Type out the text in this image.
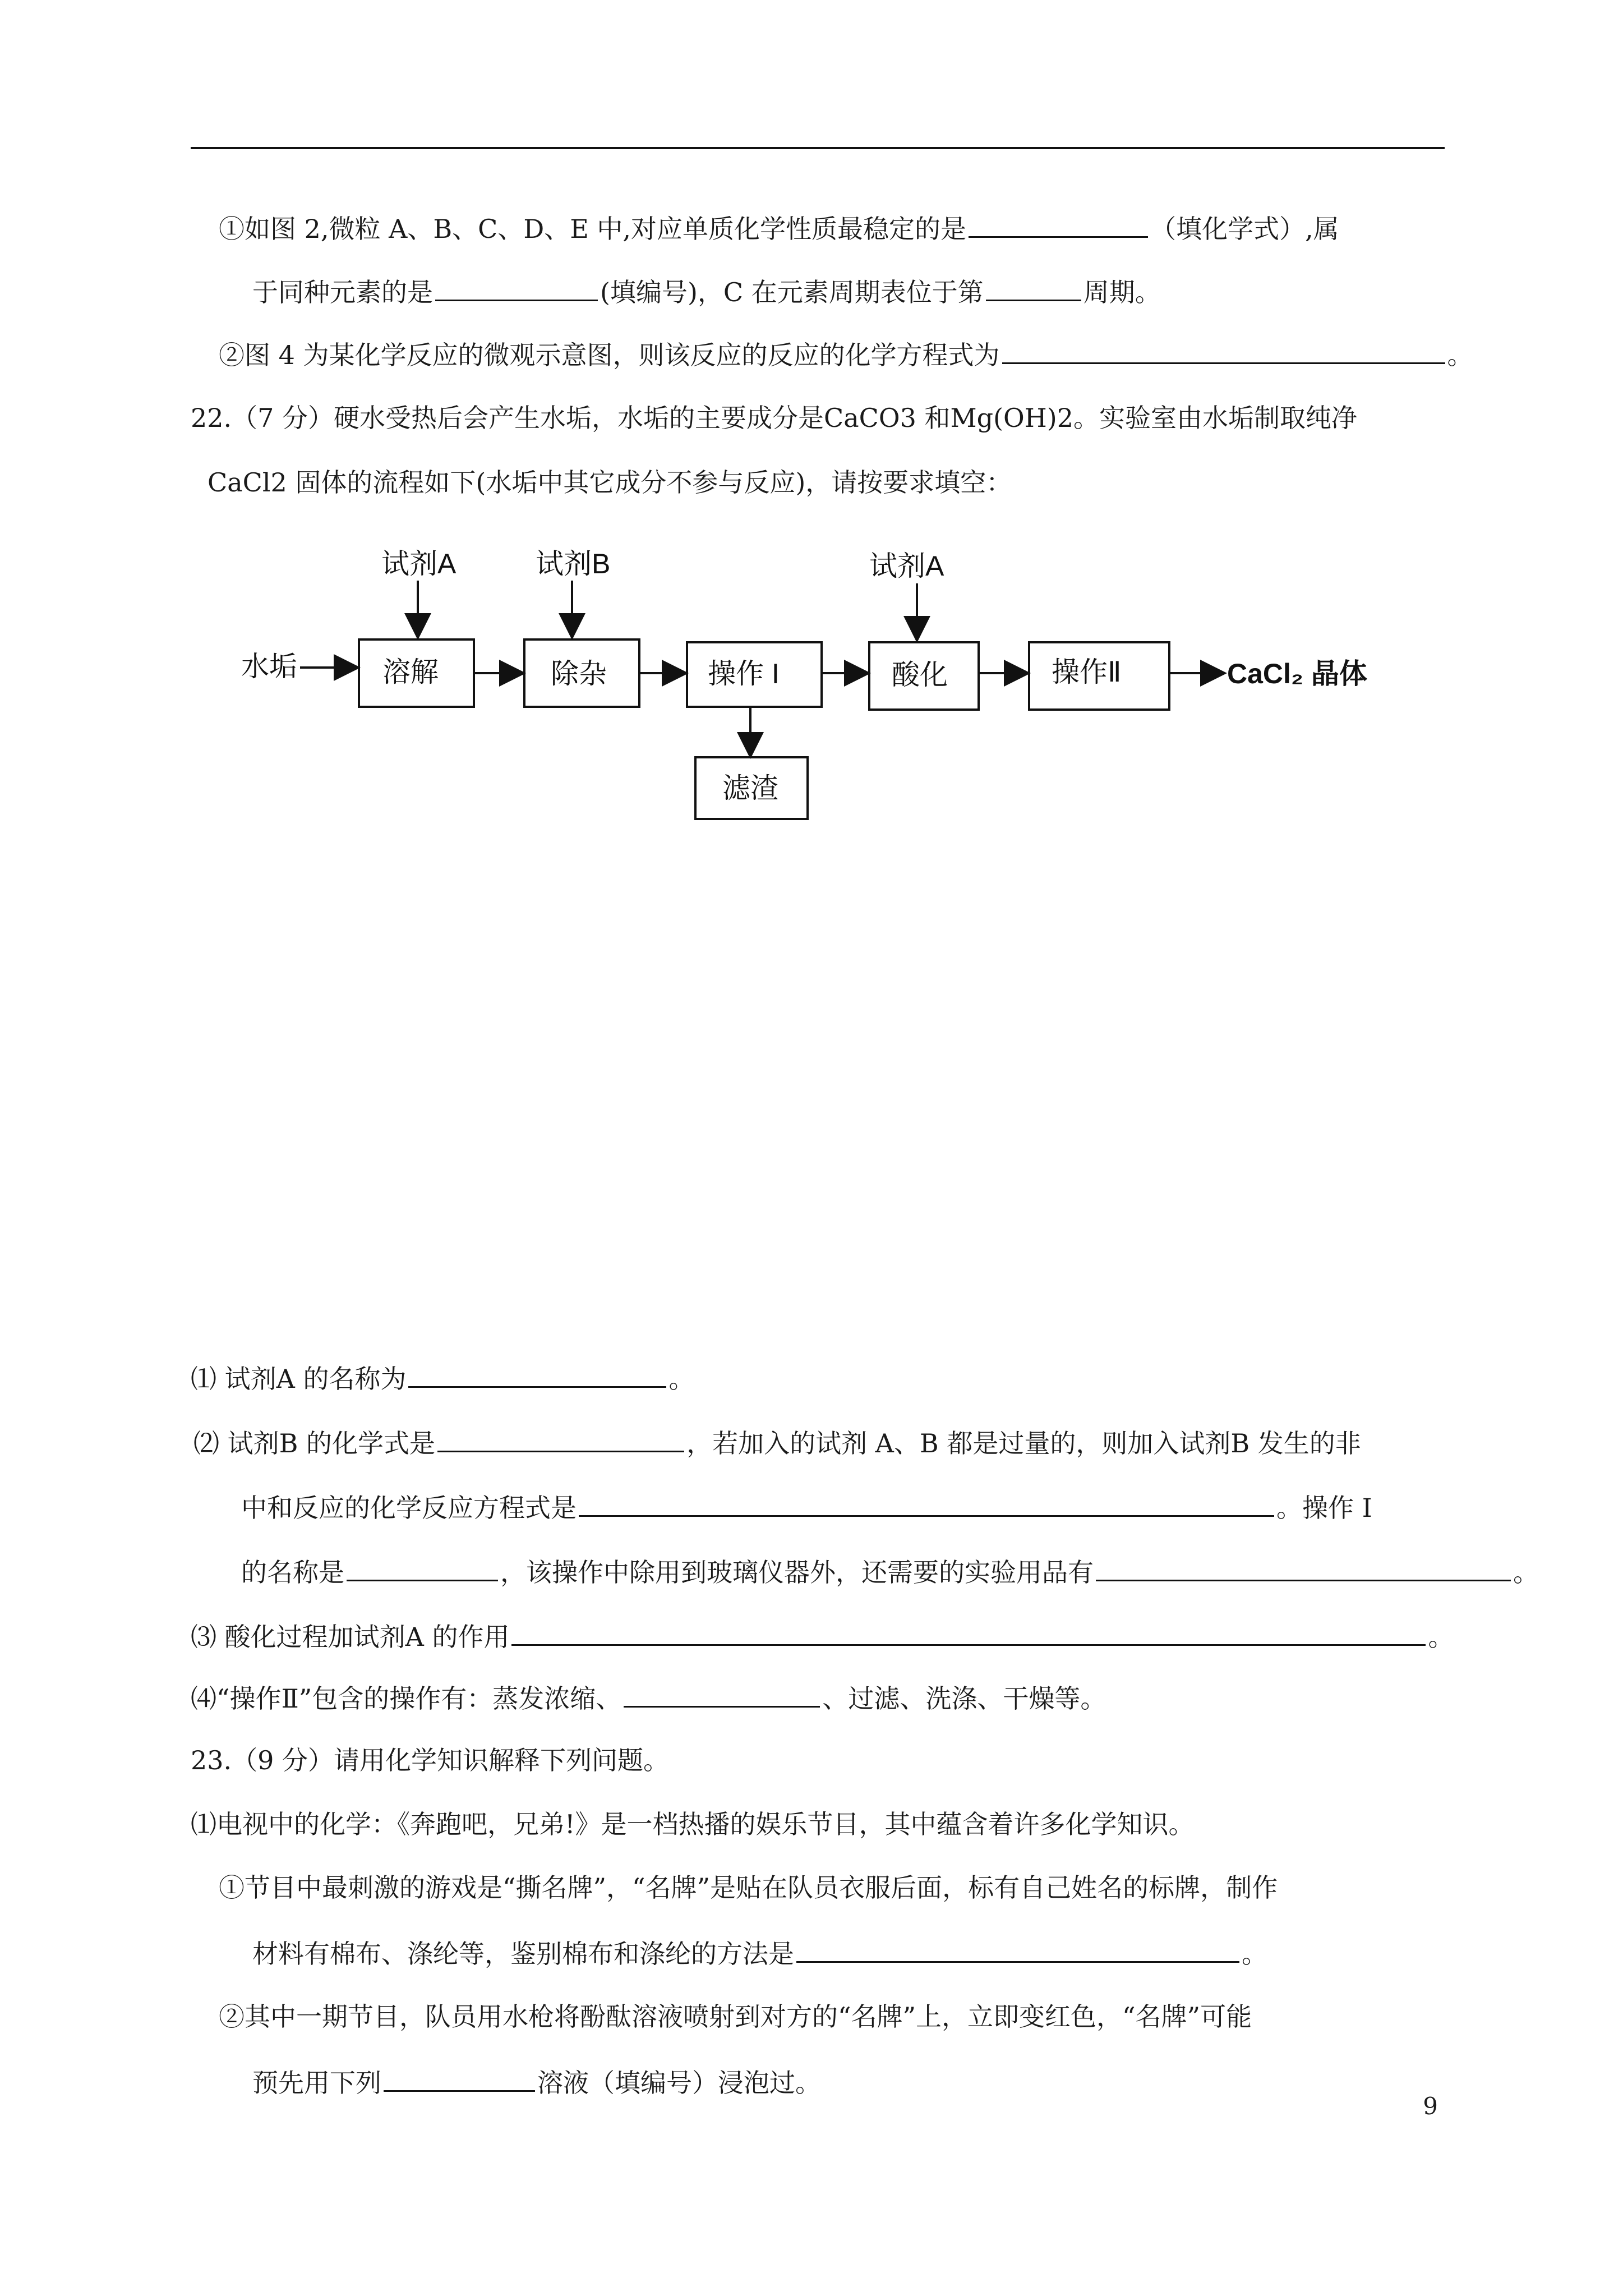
①如图 2,微粒 A、B、C、D、E 中,对应单质化学性质最稳定的是	（填化学式）,属
于同种元素的是	(填编号)，C 在元素周期表位于第	周期。
②图 4 为某化学反应的微观示意图，则该反应的反应的化学方程式为	。
22.（7 分）硬水受热后会产生水垢，水垢的主要成分是CaCO3 和Mg(OH)2。实验室由水垢制取纯净
CaCl2 固体的流程如下(水垢中其它成分不参与反应)，请按要求填空：
试剂A	试剂B	试剂A
水垢	溶解	除杂	操作 I	酸化	操作Ⅱ	CaCl₂ 晶体
滤渣
⑴ 试剂A 的名称为	。
⑵ 试剂B 的化学式是	，若加入的试剂 A、B 都是过量的，则加入试剂B 发生的非
中和反应的化学反应方程式是	。操作 I
的名称是	，该操作中除用到玻璃仪器外，还需要的实验用品有	。
⑶ 酸化过程加试剂A 的作用	。
⑷“操作Ⅱ”包含的操作有：蒸发浓缩、	、过滤、洗涤、干燥等。
23.（9 分）请用化学知识解释下列问题。
⑴电视中的化学：《奔跑吧，兄弟!》是一档热播的娱乐节目，其中蕴含着许多化学知识。
①节目中最刺激的游戏是“撕名牌”，“名牌”是贴在队员衣服后面，标有自己姓名的标牌，制作
材料有棉布、涤纶等，鉴别棉布和涤纶的方法是	。
②其中一期节目，队员用水枪将酚酞溶液喷射到对方的“名牌”上，立即变红色，“名牌”可能
预先用下列	溶液（填编号）浸泡过。
9
